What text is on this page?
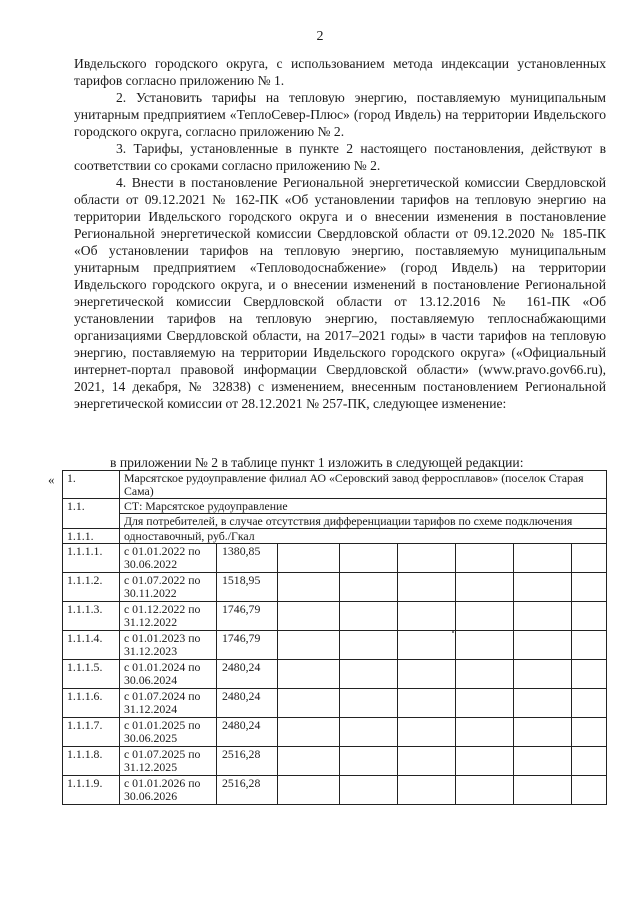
2

Ивдельского городского округа, с использованием метода индексации установленных тарифов согласно приложению № 1.

2. Установить тарифы на тепловую энергию, поставляемую муниципальным унитарным предприятием «ТеплоСевер-Плюс» (город Ивдель) на территории Ивдельского городского округа, согласно приложению № 2.

3. Тарифы, установленные в пункте 2 настоящего постановления, действуют в соответствии со сроками согласно приложению № 2.

4. Внести в постановление Региональной энергетической комиссии Свердловской области от 09.12.2021 № 162-ПК «Об установлении тарифов на тепловую энергию на территории Ивдельского городского округа и о внесении изменения в постановление Региональной энергетической комиссии Свердловской области от 09.12.2020 № 185-ПК «Об установлении тарифов на тепловую энергию, поставляемую муниципальным унитарным предприятием «Тепловодоснабжение» (город Ивдель) на территории Ивдельского городского округа, и о внесении изменений в постановление Региональной энергетической комиссии Свердловской области от 13.12.2016 № 161-ПК «Об установлении тарифов на тепловую энергию, поставляемую теплоснабжающими организациями Свердловской области, на 2017–2021 годы» в части тарифов на тепловую энергию, поставляемую на территории Ивдельского городского округа» («Официальный интернет-портал правовой информации Свердловской области» (www.pravo.gov66.ru), 2021, 14 декабря, № 32838) с изменением, внесенным постановлением Региональной энергетической комиссии от 28.12.2021 № 257-ПК, следующее изменение:

в приложении № 2 в таблице пункт 1 изложить в следующей редакции:
« 1.	Марсятское рудоуправление филиал АО «Серовский завод ферросплавов» (поселок Старая Сама)							
1.1.	СТ: Марсятское рудоуправление							
	Для потребителей, в случае отсутствия дифференциации тарифов по схеме подключения							
1.1.1.	одноставочный, руб./Гкал							
1.1.1.1.	с 01.01.2022 по 30.06.2022	1380,85						
1.1.1.2.	с 01.07.2022 по 30.11.2022	1518,95						
1.1.1.3.	с 01.12.2022 по 31.12.2022	1746,79						
1.1.1.4.	с 01.01.2023 по 31.12.2023	1746,79						
1.1.1.5.	с 01.01.2024 по 30.06.2024	2480,24						
1.1.1.6.	с 01.07.2024 по 31.12.2024	2480,24						
1.1.1.7.	с 01.01.2025 по 30.06.2025	2480,24						
1.1.1.8.	с 01.07.2025 по 31.12.2025	2516,28						
1.1.1.9.	с 01.01.2026 по 30.06.2026	2516,28						
